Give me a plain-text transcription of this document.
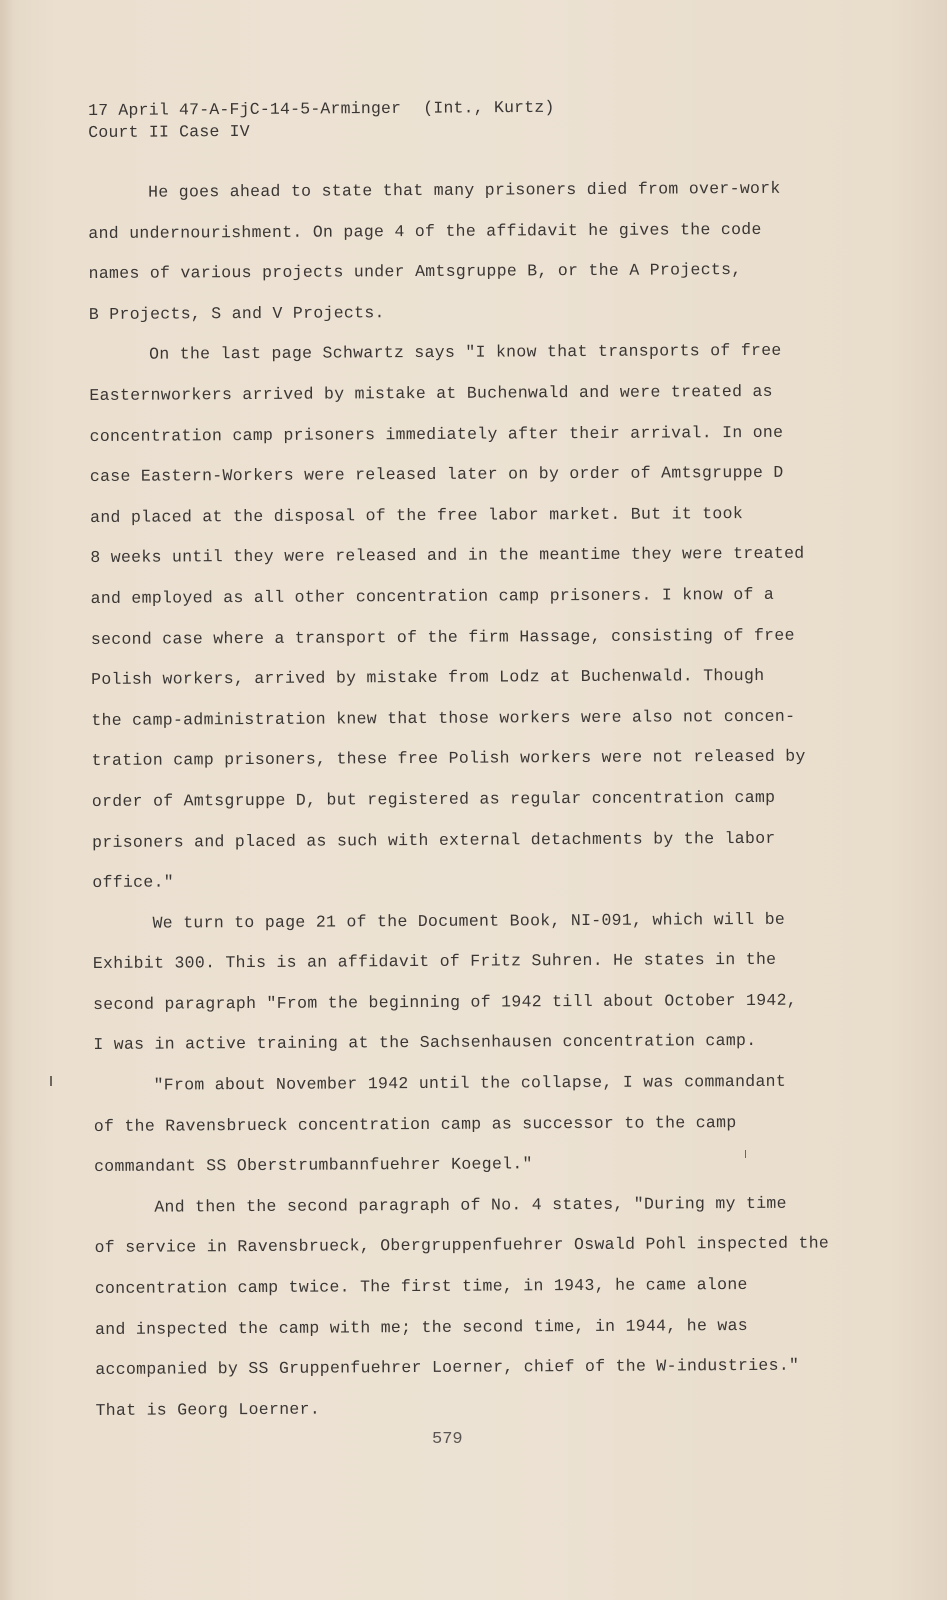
17 April 47-A-FjC-14-5-Arminger (Int., Kurtz)
Court II Case IV

He goes ahead to state that many prisoners died from over-work
and undernourishment. On page 4 of the affidavit he gives the code
names of various projects under Amtsgruppe B, or the A Projects,
B Projects, S and V Projects.

On the last page Schwartz says "I know that transports of free
Easternworkers arrived by mistake at Buchenwald and were treated as
concentration camp prisoners immediately after their arrival. In one
case Eastern-Workers were released later on by order of Amtsgruppe D
and placed at the disposal of the free labor market. But it took
8 weeks until they were released and in the meantime they were treated
and employed as all other concentration camp prisoners. I know of a
second case where a transport of the firm Hassage, consisting of free
Polish workers, arrived by mistake from Lodz at Buchenwald. Though
the camp-administration knew that those workers were also not concen-
tration camp prisoners, these free Polish workers were not released by
order of Amtsgruppe D, but registered as regular concentration camp
prisoners and placed as such with external detachments by the labor
office."

We turn to page 21 of the Document Book, NI-091, which will be
Exhibit 300. This is an affidavit of Fritz Suhren. He states in the
second paragraph "From the beginning of 1942 till about October 1942,
I was in active training at the Sachsenhausen concentration camp.

"From about November 1942 until the collapse, I was commandant
of the Ravensbrueck concentration camp as successor to the camp
commandant SS Oberstrumbannfuehrer Koegel."

And then the second paragraph of No. 4 states, "During my time
of service in Ravensbrueck, Obergruppenfuehrer Oswald Pohl inspected the
concentration camp twice. The first time, in 1943, he came alone
and inspected the camp with me; the second time, in 1944, he was
accompanied by SS Gruppenfuehrer Loerner, chief of the W-industries."
That is Georg Loerner.

579
